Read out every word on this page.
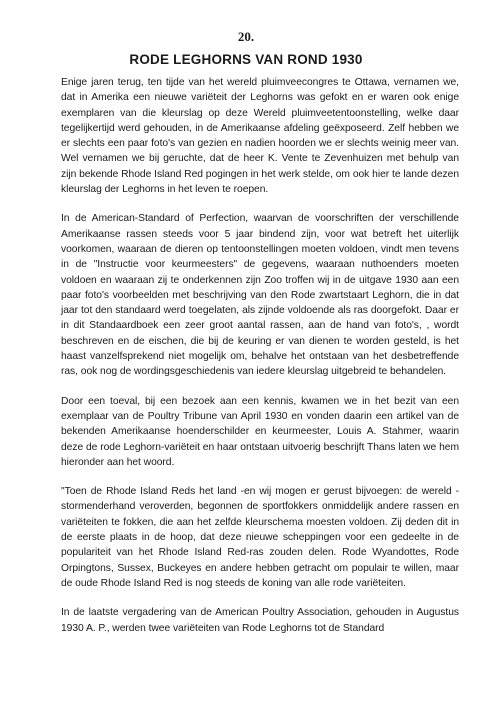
20.
RODE LEGHORNS VAN ROND 1930

Enige jaren terug, ten tijde van het wereld pluimveecongres te Ottawa, vernamen we, dat in Amerika een nieuwe variëteit der Leghorns was gefokt en er waren ook enige exemplaren van die kleurslag op deze Wereld pluimveetentoonstelling, welke daar tegelijkertijd werd gehouden, in de Amerikaanse afdeling geëxposeerd. Zelf hebben we er slechts een paar foto's van gezien en nadien hoorden we er slechts weinig meer van. Wel vernamen we bij geruchte, dat de heer K. Vente te Zevenhuizen met behulp van zijn bekende Rhode Island Red pogingen in het werk stelde, om ook hier te lande dezen kleurslag der Leghorns in het leven te roepen.

In de American-Standard of Perfection, waarvan de voorschriften der verschillende Amerikaanse rassen steeds voor 5 jaar bindend zijn, voor wat betreft het uiterlijk voorkomen, waaraan de dieren op tentoonstellingen moeten voldoen, vindt men tevens in de "Instructie voor keurmeesters" de gegevens, waaraan nuthoenders moeten voldoen en waaraan zij te onderkennen zijn Zoo troffen wij in de uitgave 1930 aan een paar foto's voorbeelden met beschrijving van den Rode zwartstaart Leghorn, die in dat jaar tot den standaard werd toegelaten, als zijnde voldoende als ras doorgefokt. Daar er in dit Standaardboek een zeer groot aantal rassen, aan de hand van foto's, , wordt beschreven en de eischen, die bij de keuring er van dienen te worden gesteld, is het haast vanzelfsprekend niet mogelijk om, behalve het ontstaan van het desbetreffende ras, ook nog de wordingsgeschiedenis van iedere kleurslag uitgebreid te behandelen.

Door een toeval, bij een bezoek aan een kennis, kwamen we in het bezit van een exemplaar van de Poultry Tribune van April 1930 en vonden daarin een artikel van de bekenden Amerikaanse hoenderschilder en keurmeester, Louis A. Stahmer, waarin deze de rode Leghorn-variëteit en haar ontstaan uitvoerig beschrijft Thans laten we hem hieronder aan het woord.

"Toen de Rhode Island Reds het land -en wij mogen er gerust bijvoegen: de wereld -stormenderhand veroverden, begonnen de sportfokkers onmiddelijk andere rassen en variëteiten te fokken, die aan het zelfde kleurschema moesten voldoen. Zij deden dit in de eerste plaats in de hoop, dat deze nieuwe scheppingen voor een gedeelte in de populariteit van het Rhode Island Red-ras zouden delen. Rode Wyandottes, Rode Orpingtons, Sussex, Buckeyes en andere hebben getracht om populair te willen, maar de oude Rhode Island Red is nog steeds de koning van alle rode variëteiten.

In de laatste vergadering van de American Poultry Association, gehouden in Augustus 1930 A. P., werden twee variëteiten van Rode Leghorns tot de Standard
